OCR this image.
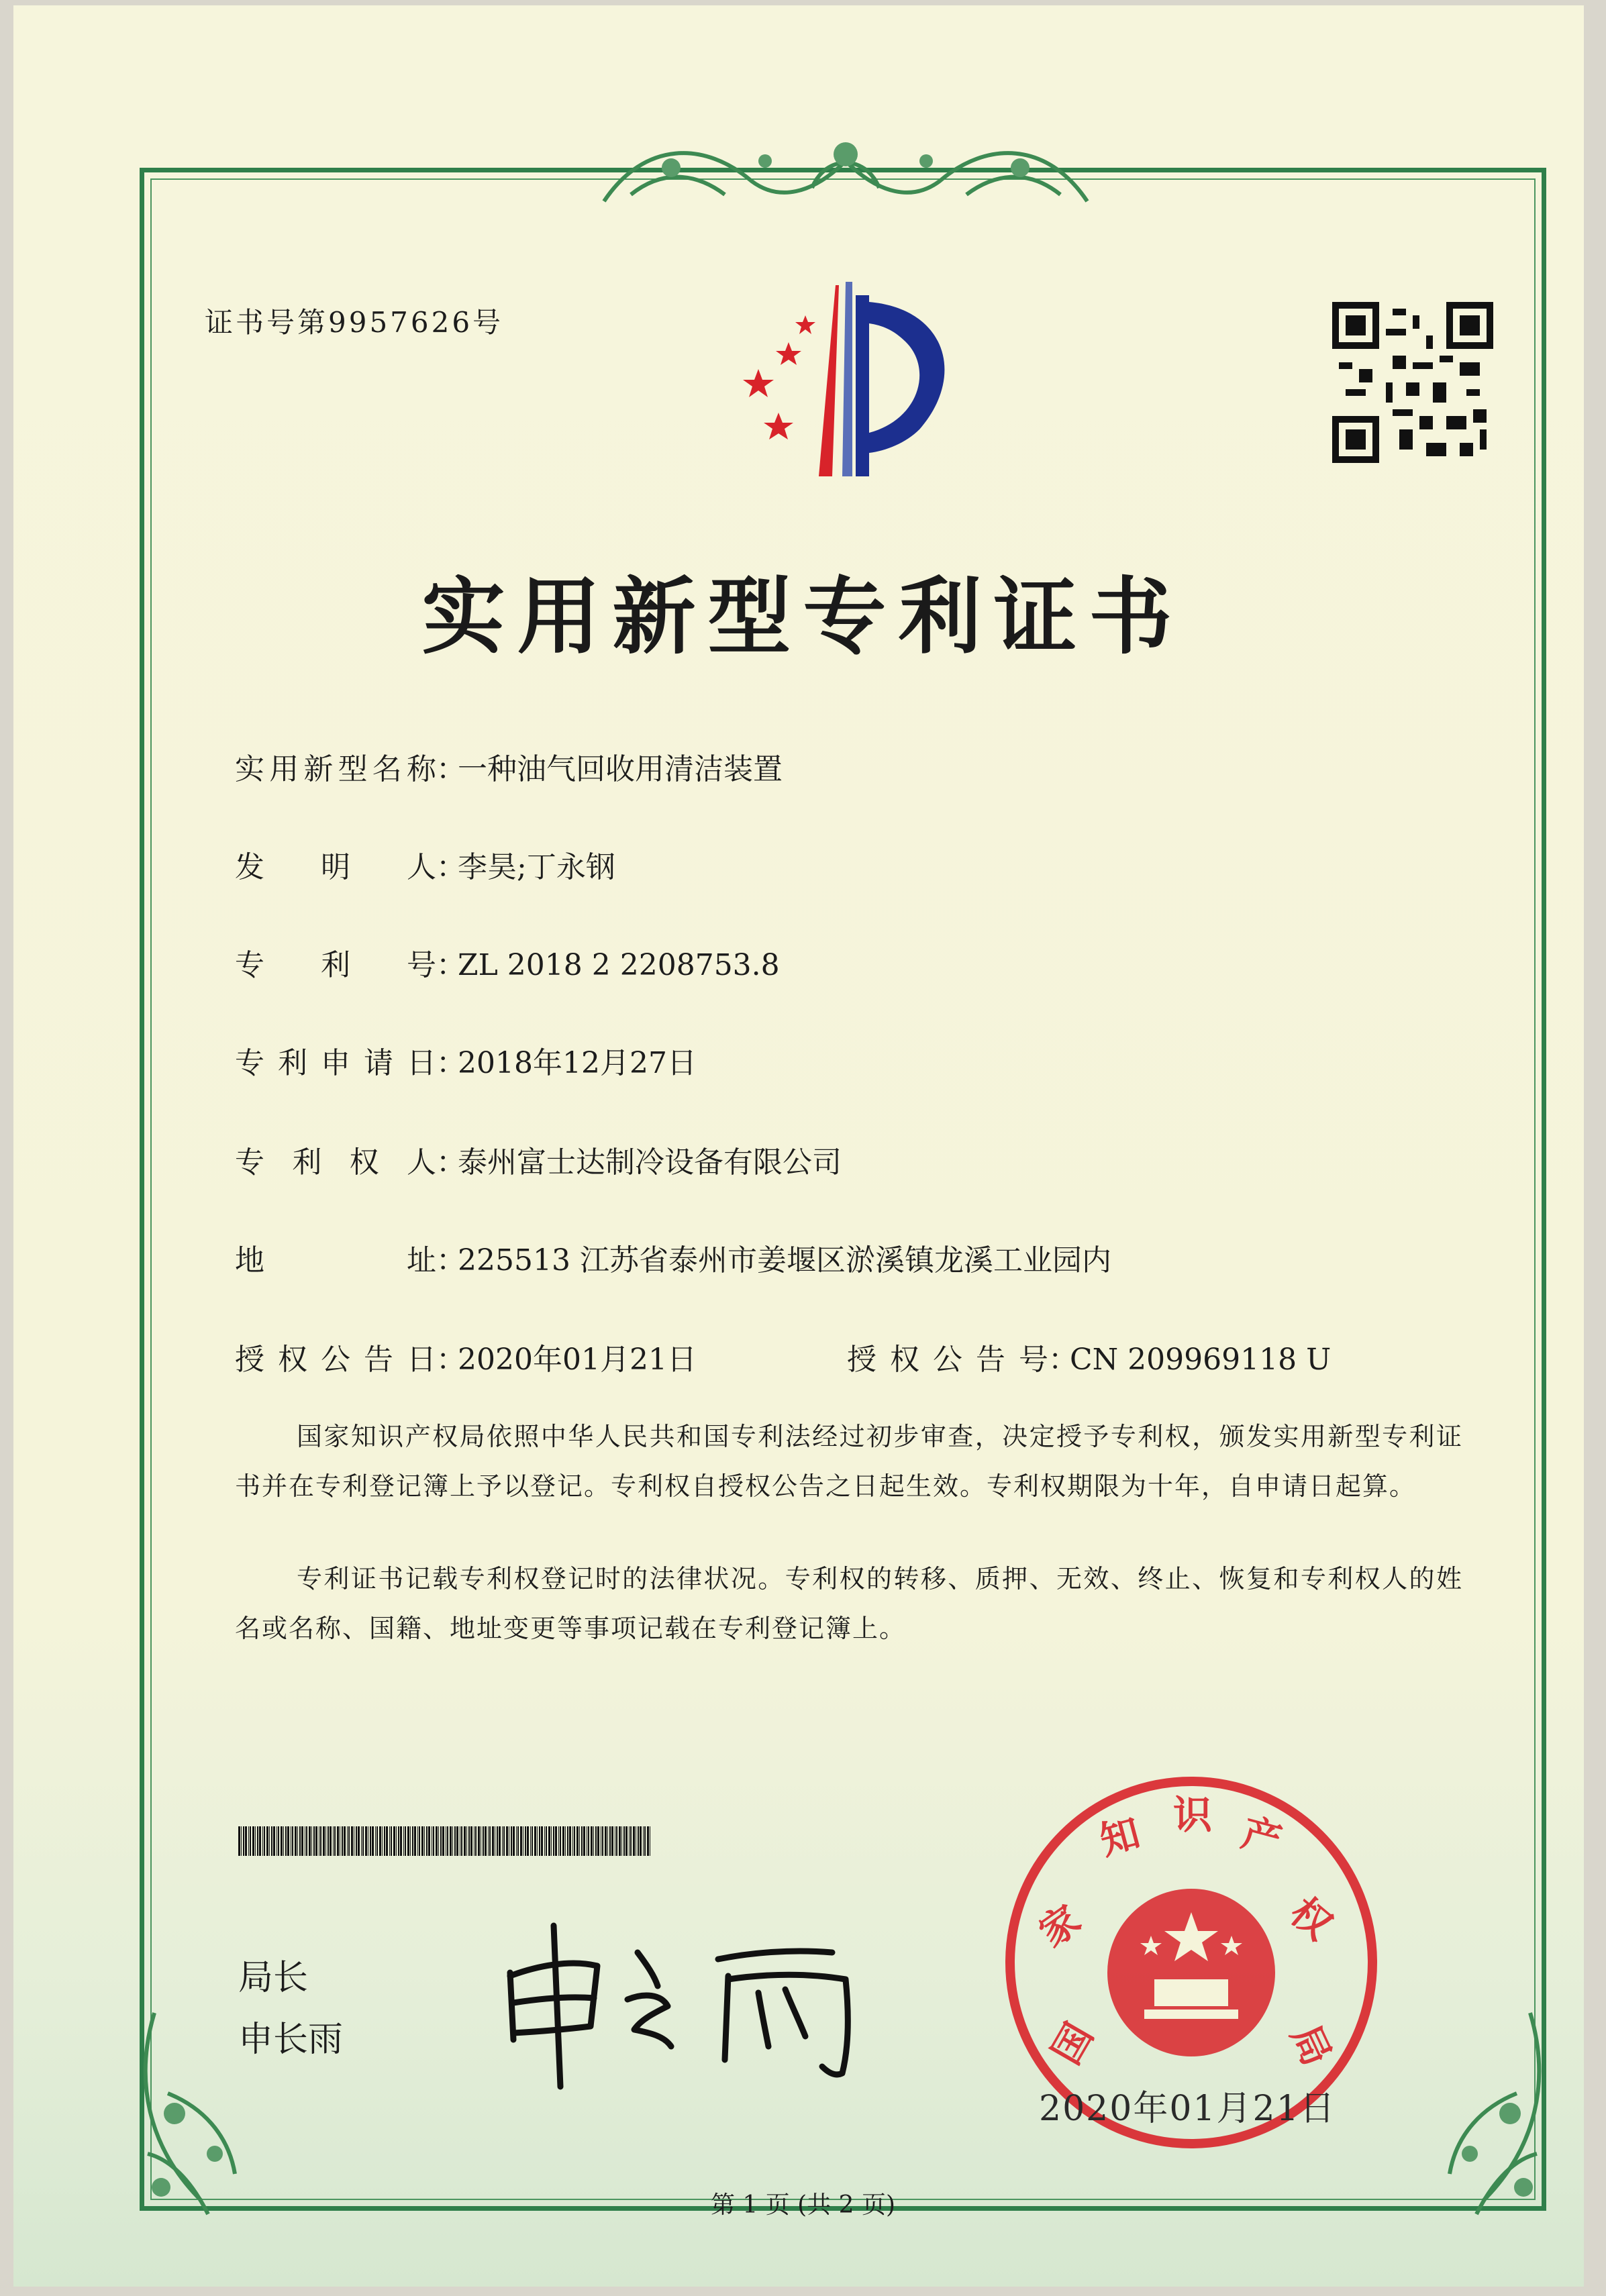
证书号第9957626号
实用新型专利证书
实用新型名称：一种油气回收用清洁装置
发明人：李昊;丁永钢
专利号：ZL 2018 2 2208753.8
专利申请日：2018年12月27日
专利权人：泰州富士达制冷设备有限公司
地址：225513 江苏省泰州市姜堰区淤溪镇龙溪工业园内
授权公告日：2020年01月21日	授权公告号：CN 209969118 U
国家知识产权局依照中华人民共和国专利法经过初步审查，决定授予专利权，颁发实用新型专利证书并在专利登记簿上予以登记。专利权自授权公告之日起生效。专利权期限为十年，自申请日起算。
专利证书记载专利权登记时的法律状况。专利权的转移、质押、无效、终止、恢复和专利权人的姓名或名称、国籍、地址变更等事项记载在专利登记簿上。
局长
申长雨	国
家
知 识 产
权
局
2020年01月21日
第 1 页 (共 2 页)
